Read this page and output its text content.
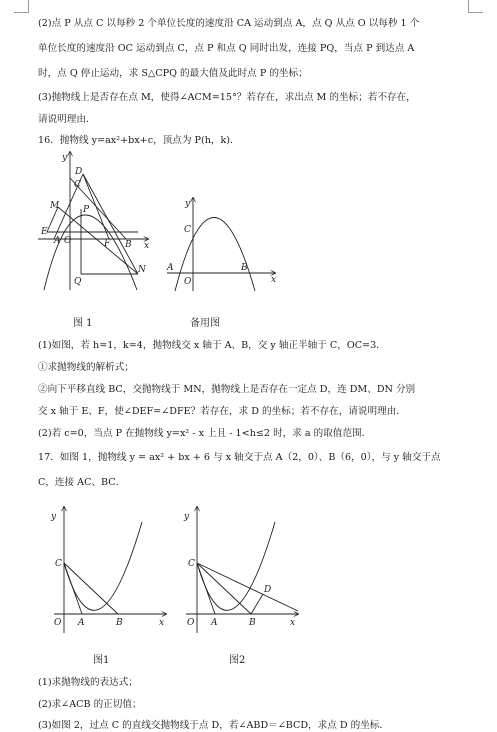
(2)点 P 从点 C 以每秒 2 个单位长度的速度沿 CA 运动到点 A，点 Q 从点 O 以每秒 1 个
单位长度的速度沿 OC 运动到点 C，点 P 和点 Q 同时出发，连接 PQ，当点 P 到达点 A
时，点 Q 停止运动，求 S△CPQ 的最大值及此时点 P 的坐标；
(3)抛物线上是否存在点 M，使得∠ACM=15°？若存在，求出点 M 的坐标；若不存在，
请说明理由．
16．抛物线 y=ax²+bx+c，顶点为 P(h，k)．
y
x
D
C
M	P
E
A O	F B
Q
N
图 1
y
x
C
A
O
B
备用图
(1)如图，若 h=1，k=4，抛物线交 x 轴于 A、B，交 y 轴正半轴于 C，OC=3．
①求抛物线的解析式；
②向下平移直线 BC，交抛物线于 MN，抛物线上是否存在一定点 D，连 DM、DN 分别
交 x 轴于 E、F，使∠DEF=∠DFE？若存在，求 D 的坐标；若不存在，请说明理由．
(2)若 c=0，当点 P 在抛物线 y=x² - x 上且 - 1<h≤2 时，求 a 的取值范围．
17．如图 1，抛物线 y = ax² + bx + 6 与 x 轴交于点 A（2，0）、B（6，0），与 y 轴交于点
C，连接 AC、BC．
y
x
C
O A	B
图1
y
x
C
D
O A	B
图2
(1)求抛物线的表达式；
(2)求∠ACB 的正切值；
(3)如图 2，过点 C 的直线交抛物线于点 D，若∠ABD＝∠BCD，求点 D 的坐标．
